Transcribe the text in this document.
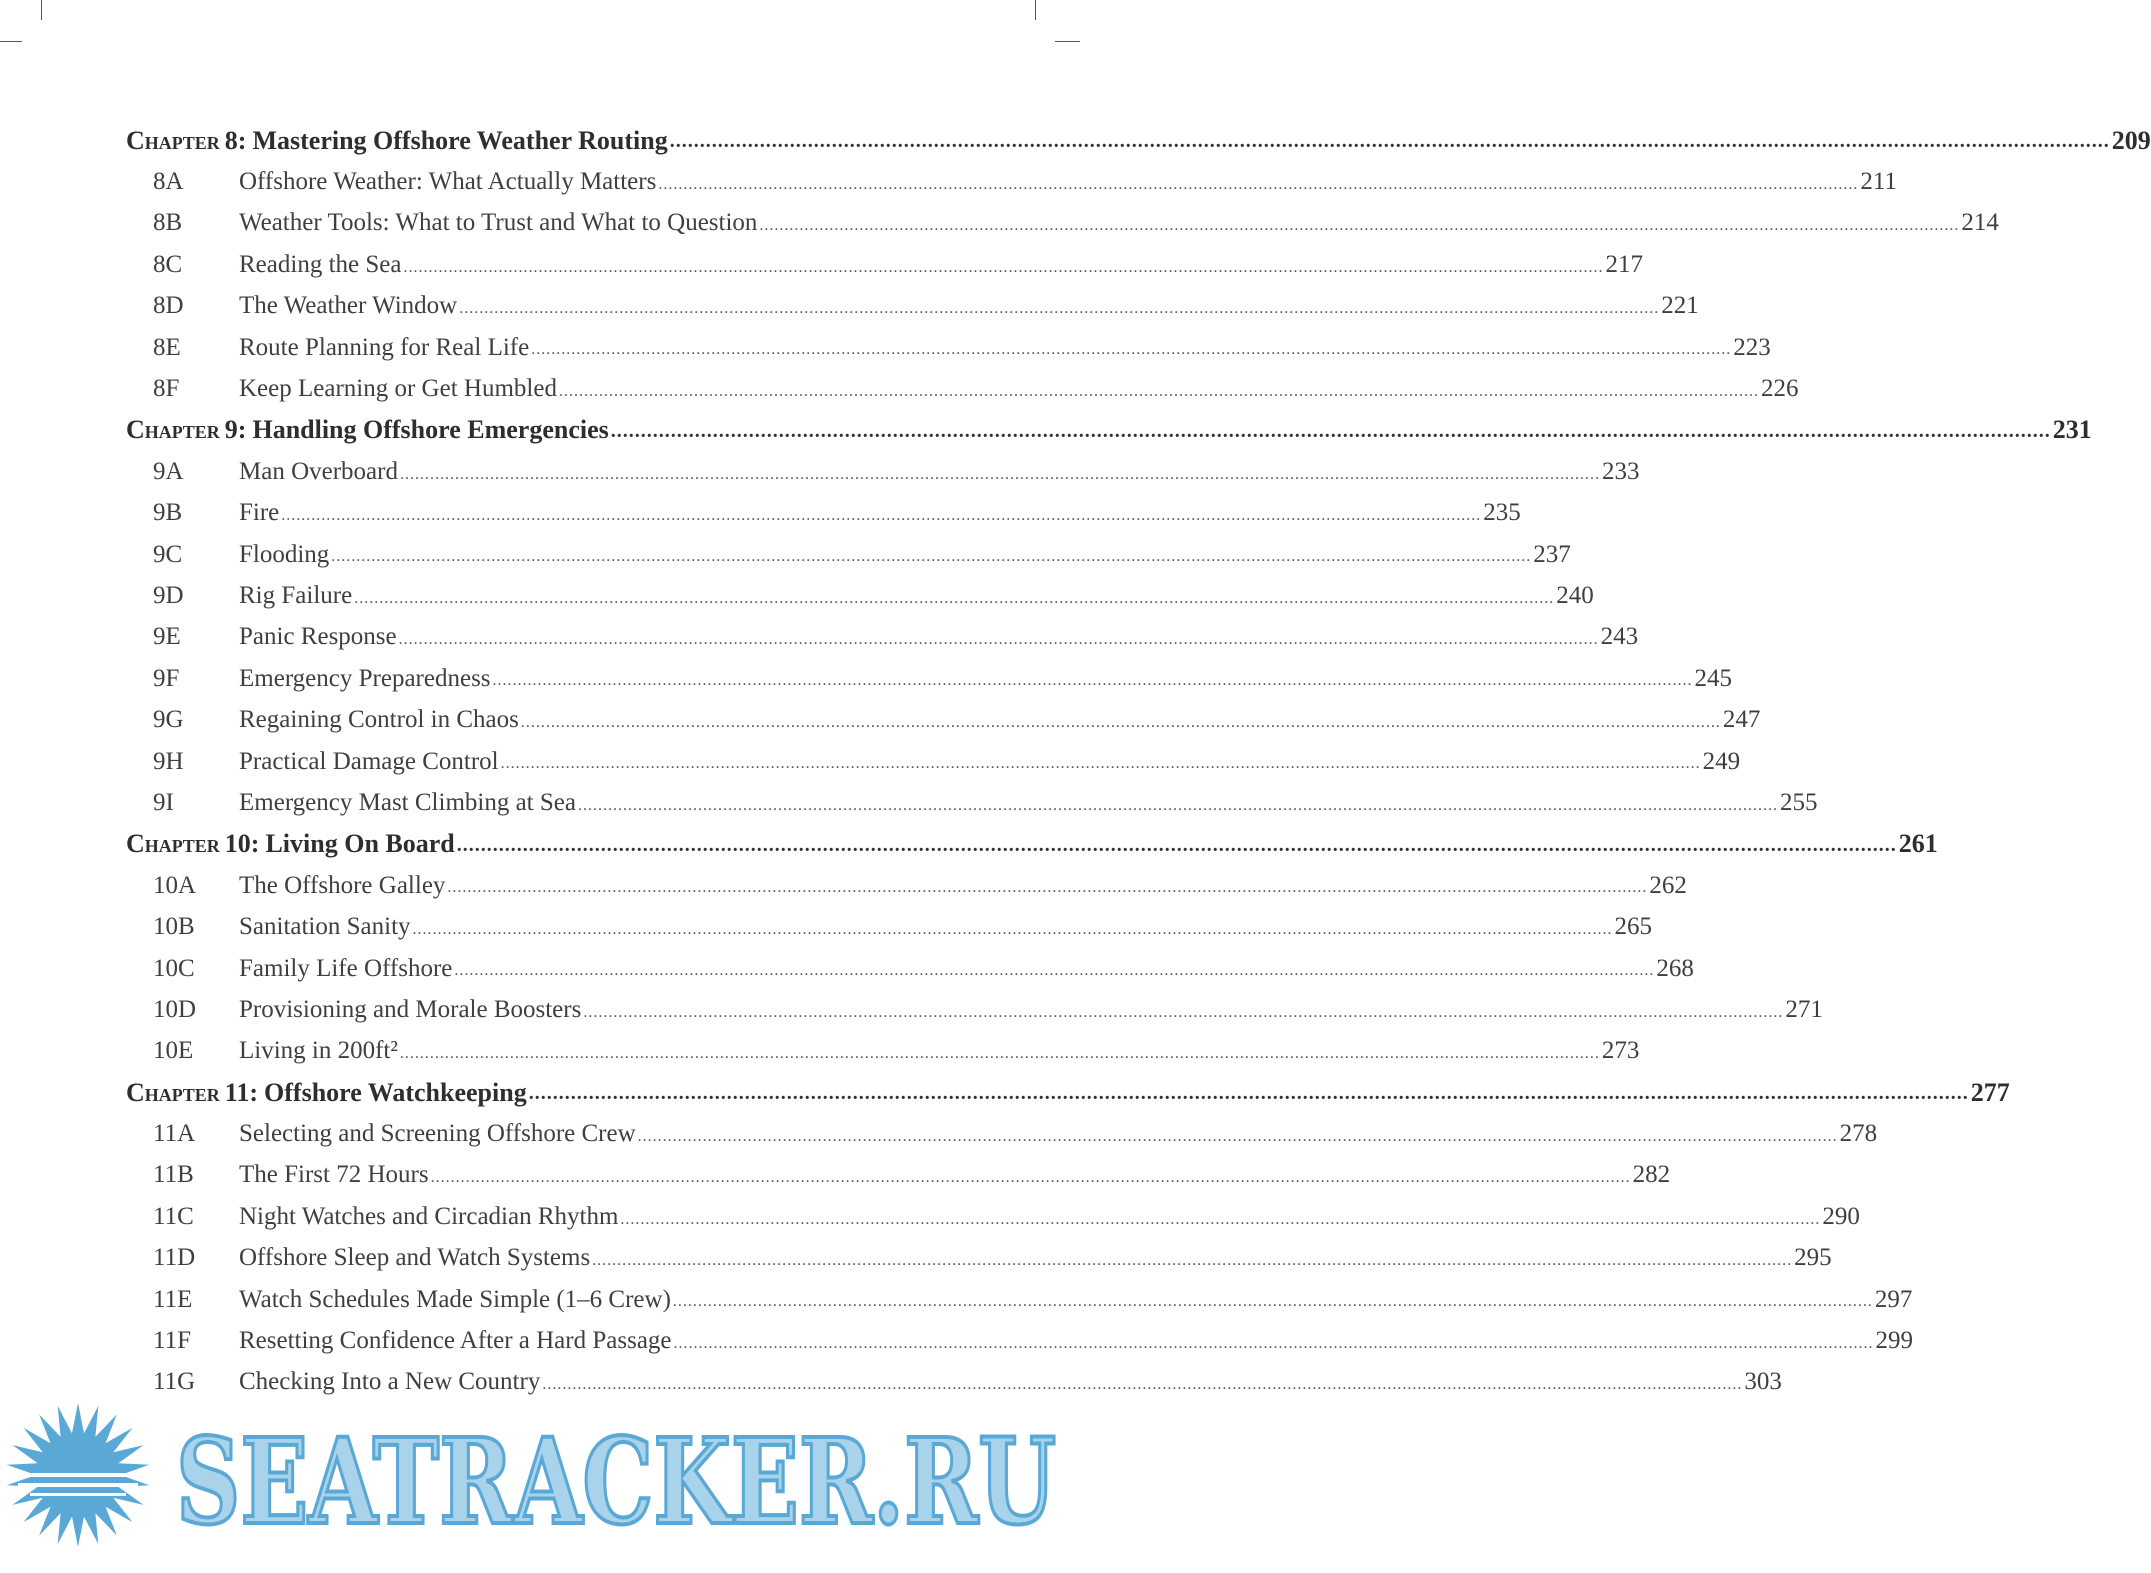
Chapter 8: Mastering Offshore Weather Routing .....	209
8A	Offshore Weather: What Actually Matters .....	211
8B	Weather Tools: What to Trust and What to Question .....	214
8C	Reading the Sea .....	217
8D	The Weather Window .....	221
8E	Route Planning for Real Life .....	223
8F	Keep Learning or Get Humbled .....	226
Chapter 9: Handling Offshore Emergencies .....	231
9A	Man Overboard .....	233
9B	Fire .....	235
9C	Flooding .....	237
9D	Rig Failure .....	240
9E	Panic Response .....	243
9F	Emergency Preparedness .....	245
9G	Regaining Control in Chaos .....	247
9H	Practical Damage Control .....	249
9I	Emergency Mast Climbing at Sea .....	255
Chapter 10: Living On Board .....	261
10A	The Offshore Galley .....	262
10B	Sanitation Sanity .....	265
10C	Family Life Offshore .....	268
10D	Provisioning and Morale Boosters .....	271
10E	Living in 200ft² .....	273
Chapter 11: Offshore Watchkeeping .....	277
11A	Selecting and Screening Offshore Crew .....	278
11B	The First 72 Hours .....	282
11C	Night Watches and Circadian Rhythm .....	290
11D	Offshore Sleep and Watch Systems .....	295
11E	Watch Schedules Made Simple (1–6 Crew) .....	297
11F	Resetting Confidence After a Hard Passage .....	299
11G	Checking Into a New Country .....	303
SEATRACKER.RU
